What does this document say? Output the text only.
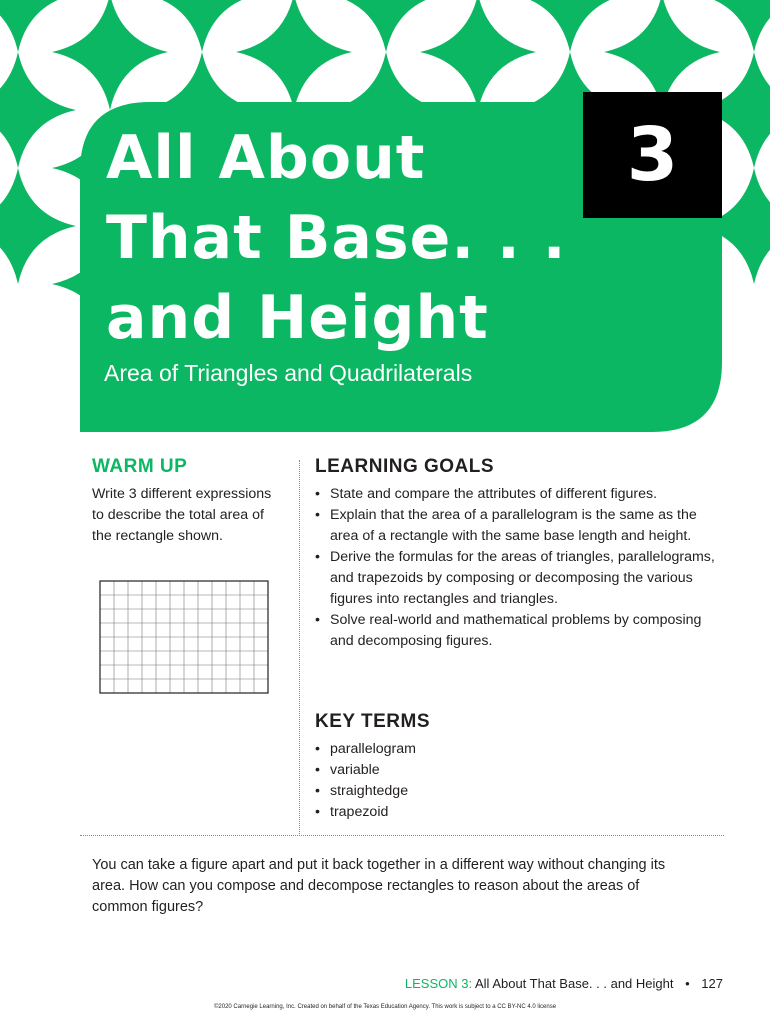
3
All About
That Base. . .
and Height
Area of Triangles and Quadrilaterals
WARM UP

Write 3 different expressions to describe the total area of the rectangle shown.

LEARNING GOALS
• State and compare the attributes of different figures.
• Explain that the area of a parallelogram is the same as the area of a rectangle with the same base length and height.
• Derive the formulas for the areas of triangles, parallelograms, and trapezoids by composing or decomposing the various figures into rectangles and triangles.
• Solve real-world and mathematical problems by composing and decomposing figures.
KEY TERMS
• parallelogram
• variable
• straightedge
• trapezoid

You can take a figure apart and put it back together in a different way without changing its area. How can you compose and decompose rectangles to reason about the areas of common figures?

LESSON 3: All About That Base. . . and Height • 127
©2020 Carnegie Learning, Inc. Created on behalf of the Texas Education Agency. This work is subject to a CC BY-NC 4.0 license
